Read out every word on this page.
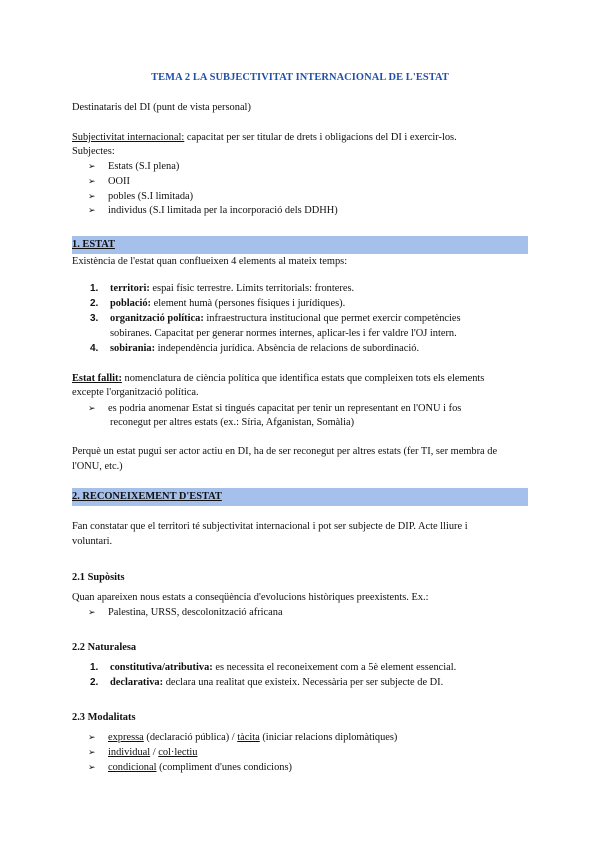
TEMA 2 LA SUBJECTIVITAT INTERNACIONAL DE L'ESTAT
Destinataris del DI (punt de vista personal)
Subjectivitat internacional: capacitat per ser titular de drets i obligacions del DI i exercir-los.
Subjectes:
➢ Estats (S.I plena)
➢ OOII
➢ pobles (S.I limitada)
➢ individus (S.I limitada per la incorporació dels DDHH)
1. ESTAT
Existència de l'estat quan conflueixen 4 elements al mateix temps:
1. territori: espai físic terrestre. Límits territorials: fronteres.
2. població: element humà (persones físiques i jurídiques).
3. organització política: infraestructura institucional que permet exercir competències
sobiranes. Capacitat per generar normes internes, aplicar-les i fer valdre l'OJ intern.
4. sobirania: independència jurídica. Absència de relacions de subordinació.
Estat fallit: nomenclatura de ciència política que identifica estats que compleixen tots els elements
excepte l'organització política.
➢ es podria anomenar Estat si tingués capacitat per tenir un representant en l'ONU i fos
reconegut per altres estats (ex.: Síria, Afganistan, Somàlia)
Perquè un estat pugui ser actor actiu en DI, ha de ser reconegut per altres estats (fer TI, ser membra de
l'ONU, etc.)
2. RECONEIXEMENT D'ESTAT
Fan constatar que el territori té subjectivitat internacional i pot ser subjecte de DIP. Acte lliure i
voluntari.
2.1 Supòsits
Quan apareixen nous estats a conseqüència d'evolucions històriques preexistents. Ex.:
➢ Palestina, URSS, descolonització africana
2.2 Naturalesa
1. constitutiva/atributiva: es necessita el reconeixement com a 5è element essencial.
2. declarativa: declara una realitat que existeix. Necessària per ser subjecte de DI.
2.3 Modalitats
➢ expressa (declaració pública) / tàcita (iniciar relacions diplomàtiques)
➢ individual / col·lectiu
➢ condicional (compliment d'unes condicions)
